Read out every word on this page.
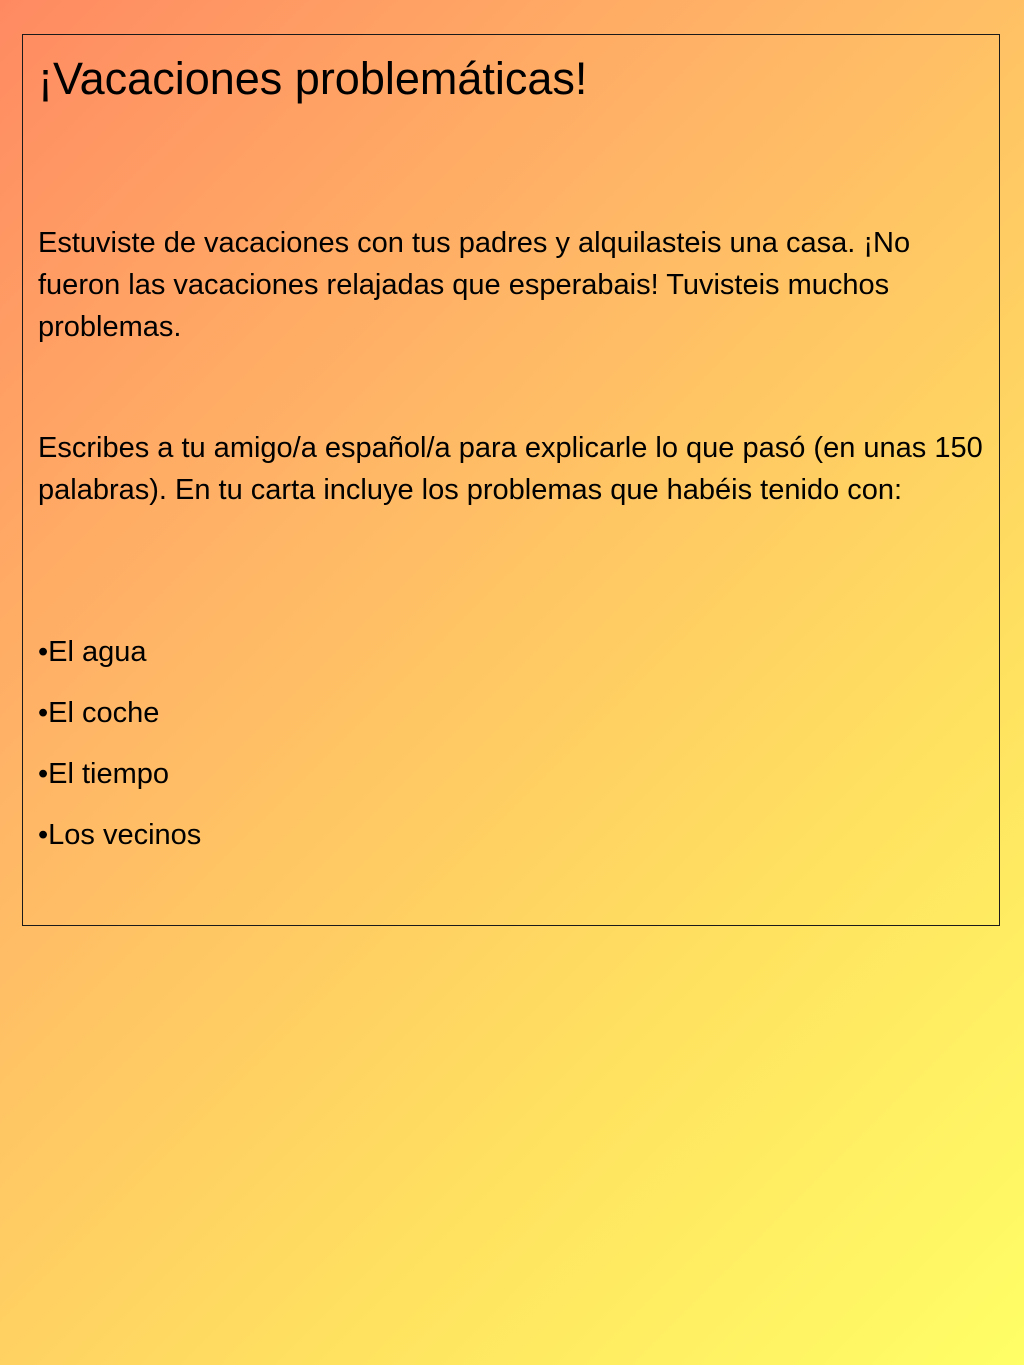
¡Vacaciones problemáticas!

Estuviste de vacaciones con tus padres y alquilasteis una casa. ¡No fueron las vacaciones relajadas que esperabais! Tuvisteis muchos problemas.

Escribes a tu amigo/a español/a para explicarle lo que pasó (en unas 150 palabras). En tu carta incluye los problemas que habéis tenido con:

•El agua
•El coche
•El tiempo
•Los vecinos
